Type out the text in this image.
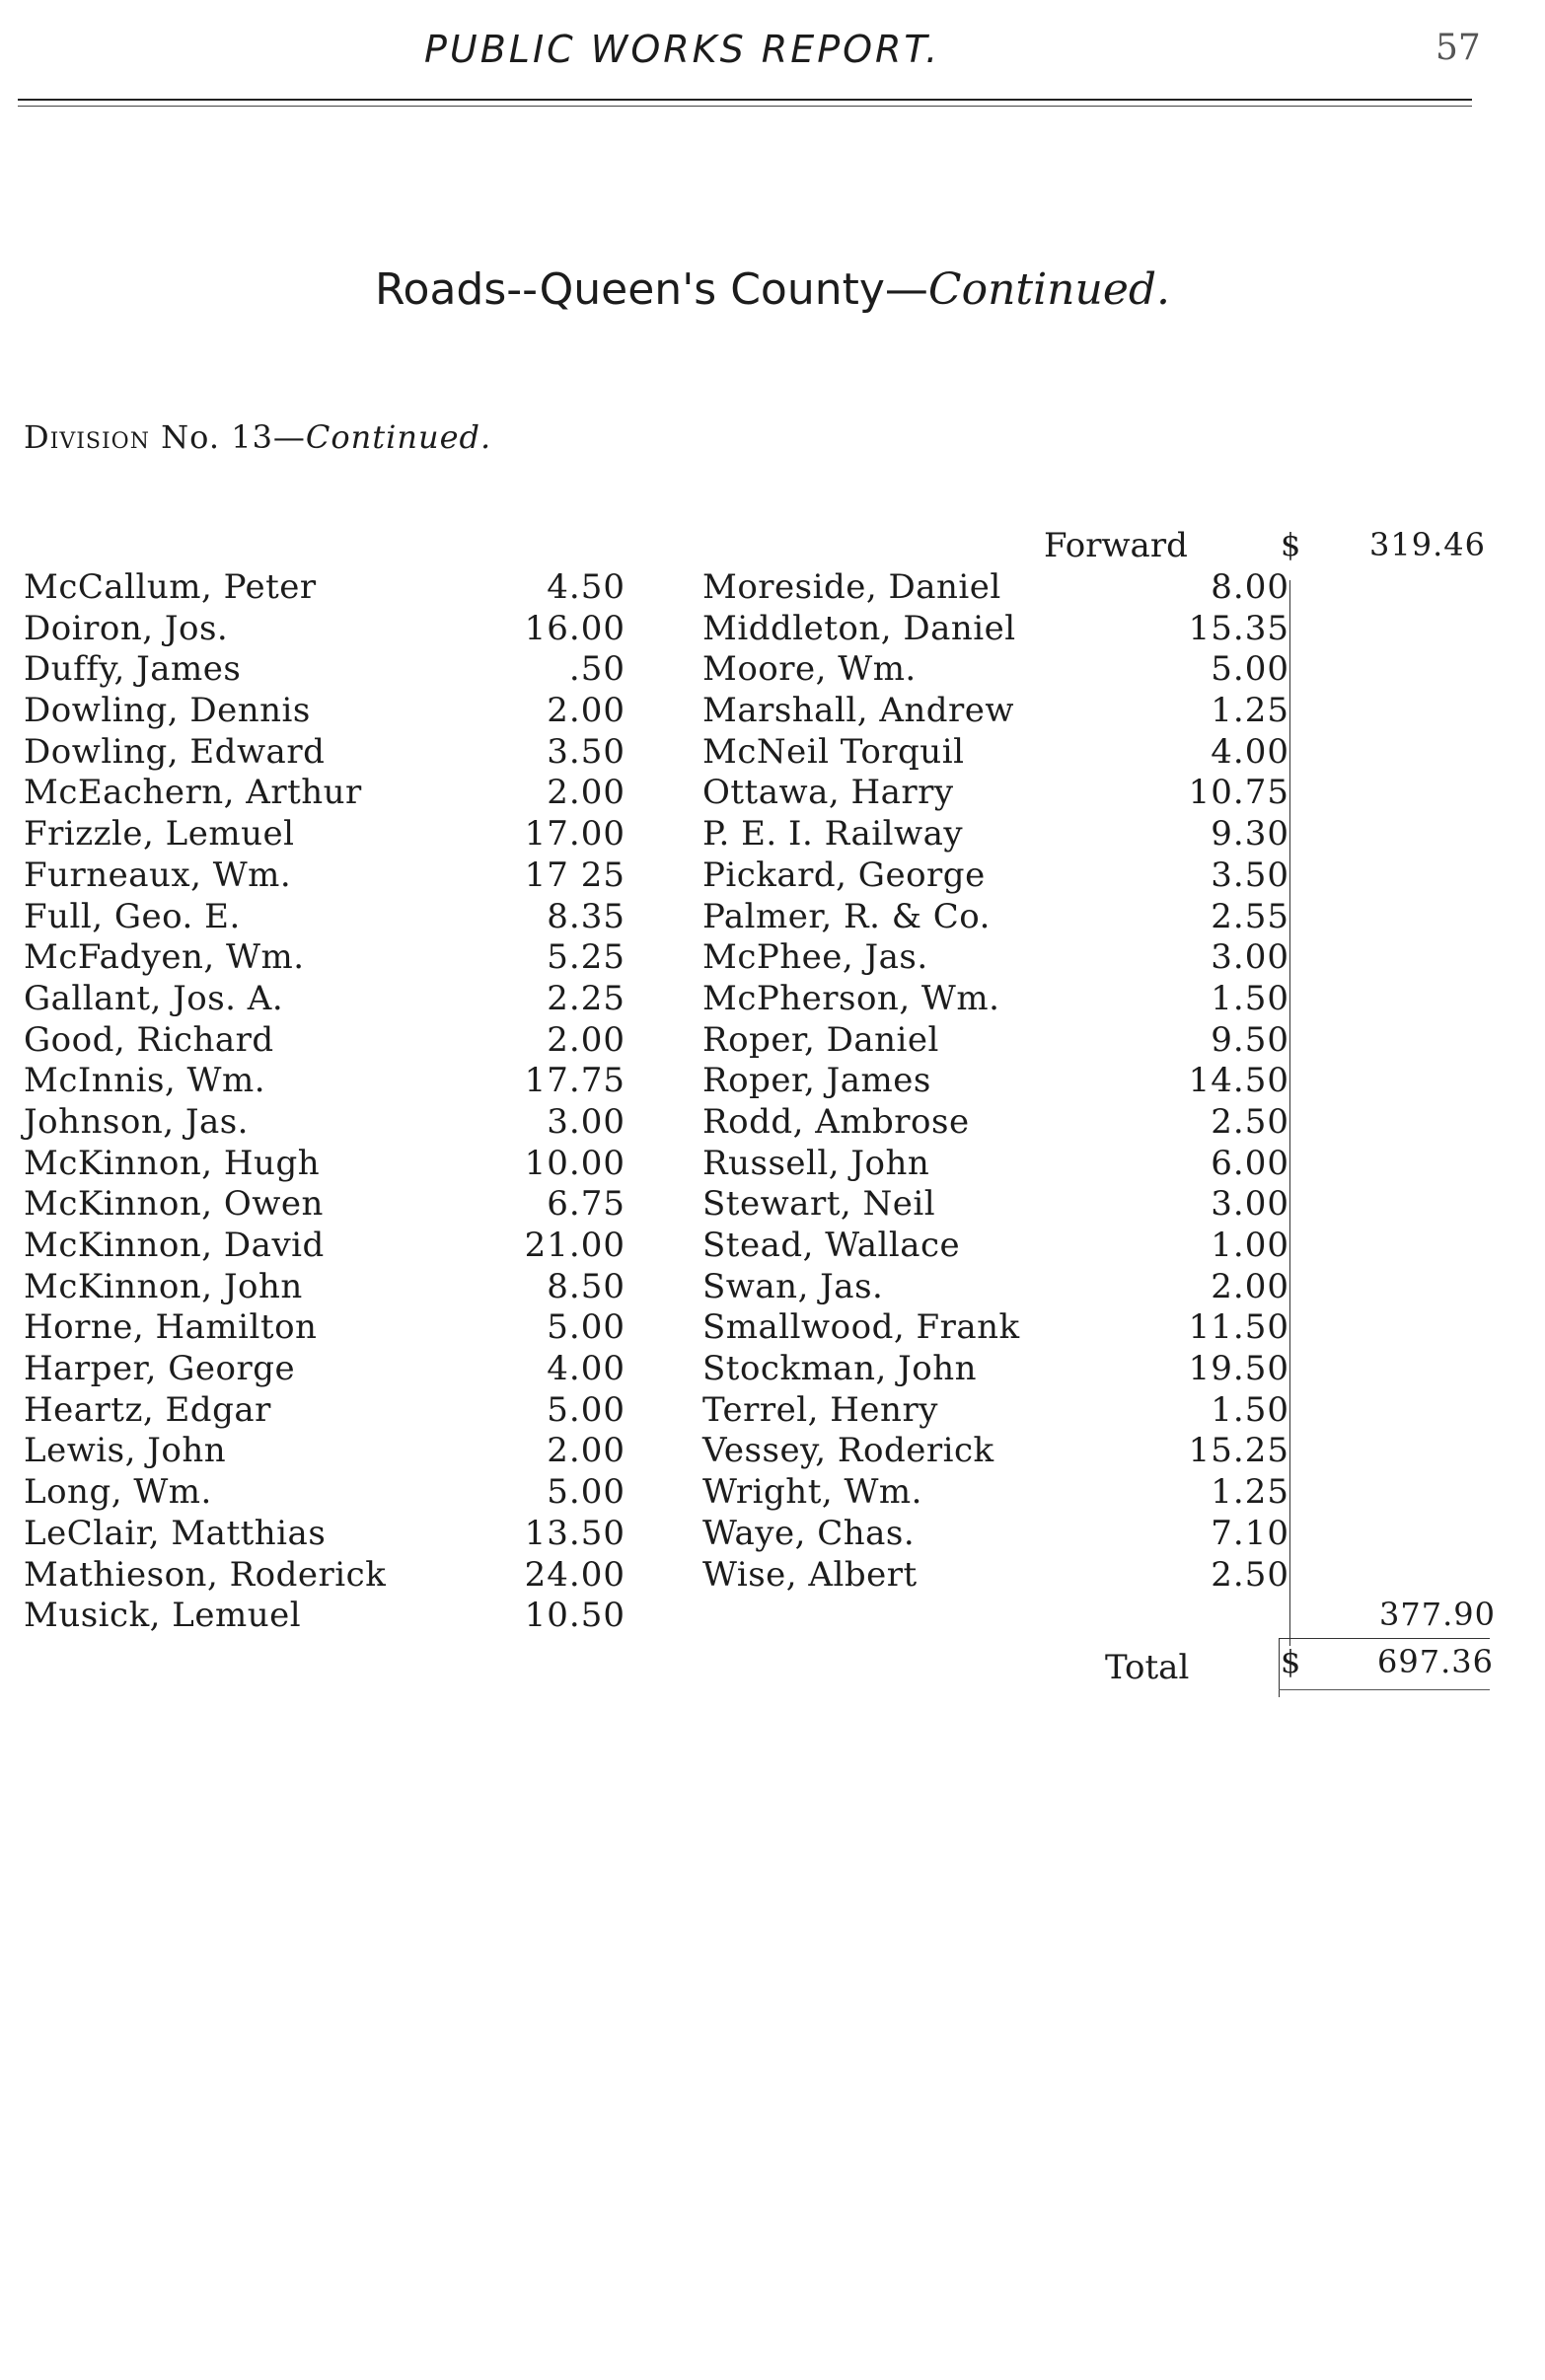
PUBLIC WORKS REPORT.	57
Roads--Queen's County—Continued.
Division No. 13—Continued.
McCallum, Peter	4.50
Doiron, Jos.	16.00
Duffy, James	.50
Dowling, Dennis	2.00
Dowling, Edward	3.50
McEachern, Arthur	2.00
Frizzle, Lemuel	17.00
Furneaux, Wm.	17 25
Full, Geo. E.	8.35
McFadyen, Wm.	5.25
Gallant, Jos. A.	2.25
Good, Richard	2.00
McInnis, Wm.	17.75
Johnson, Jas.	3.00
McKinnon, Hugh	10.00
McKinnon, Owen	6.75
McKinnon, David	21.00
McKinnon, John	8.50
Horne, Hamilton	5.00
Harper, George	4.00
Heartz, Edgar	5.00
Lewis, John	2.00
Long, Wm.	5.00
LeClair, Matthias	13.50
Mathieson, Roderick	24.00
Musick, Lemuel	10.50
Moreside, Daniel	8.00
Middleton, Daniel	15.35
Moore, Wm.	5.00
Marshall, Andrew	1.25
McNeil Torquil	4.00
Ottawa, Harry	10.75
P. E. I. Railway	9.30
Pickard, George	3.50
Palmer, R. & Co.	2.55
McPhee, Jas.	3.00
McPherson, Wm.	1.50
Roper, Daniel	9.50
Roper, James	14.50
Rodd, Ambrose	2.50
Russell, John	6.00
Stewart, Neil	3.00
Stead, Wallace	1.00
Swan, Jas.	2.00
Smallwood, Frank	11.50
Stockman, John	19.50
Terrel, Henry	1.50
Vessey, Roderick	15.25
Wright, Wm.	1.25
Waye, Chas.	7.10
Wise, Albert	2.50
Forward	$ 319.46
377.90
Total	$ 697.36
